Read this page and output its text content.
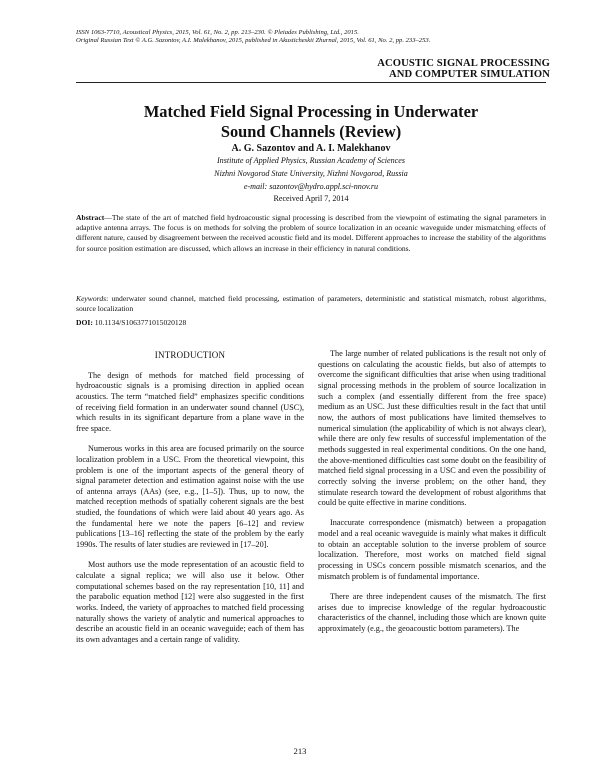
ISSN 1063-7710, Acoustical Physics, 2015, Vol. 61, No. 2, pp. 213–230. © Pleiades Publishing, Ltd., 2015.
Original Russian Text © A.G. Sazontov, A.I. Malekhanov, 2015, published in Akusticheskii Zhurnal, 2015, Vol. 61, No. 2, pp. 233–253.
ACOUSTIC SIGNAL PROCESSING
AND COMPUTER SIMULATION
Matched Field Signal Processing in Underwater
Sound Channels (Review)
A. G. Sazontov and A. I. Malekhanov
Institute of Applied Physics, Russian Academy of Sciences
Nizhni Novgorod State University, Nizhni Novgorod, Russia
e-mail: sazontov@hydro.appl.sci-nnov.ru
Received April 7, 2014
Abstract—The state of the art of matched field hydroacoustic signal processing is described from the viewpoint of estimating the signal parameters in adaptive antenna arrays. The focus is on methods for solving the problem of source localization in an oceanic waveguide under mismatching effects of different nature, caused by disagreement between the received acoustic field and its model. Different approaches to increase the stability of the algorithms for source position estimation are discussed, which allows an increase in their efficiency in natural conditions.
Keywords: underwater sound channel, matched field processing, estimation of parameters, deterministic and statistical mismatch, robust algorithms, source localization
DOI: 10.1134/S1063771015020128
INTRODUCTION

The design of methods for matched field processing of hydroacoustic signals is a promising direction in applied ocean acoustics. The term “matched field” emphasizes specific conditions of receiving field formation in an underwater sound channel (USC), which results in its significant departure from a plane wave in the free space.

Numerous works in this area are focused primarily on the source localization problem in a USC. From the theoretical viewpoint, this problem is one of the important aspects of the general theory of signal parameter detection and estimation against noise with the use of antenna arrays (AAs) (see, e.g., [1–5]). Thus, up to now, the matched reception methods of spatially coherent signals are the best studied, the foundations of which were laid about 40 years ago. As the fundamental here we note the papers [6–12] and review publications [13–16] reflecting the state of the problem by the early 1990s. The results of later studies are reviewed in [17–20].

Most authors use the mode representation of an acoustic field to calculate a signal replica; we will also use it below. Other computational schemes based on the ray representation [10, 11] and the parabolic equation method [12] were also suggested in the first works. Indeed, the variety of approaches to matched field processing naturally shows the variety of analytic and numerical approaches to describe an acoustic field in an oceanic waveguide; each of them has its own advantages and a certain range of validity.

The large number of related publications is the result not only of questions on calculating the acoustic fields, but also of attempts to overcome the significant difficulties that arise when using traditional signal processing methods in the problem of source localization in such a complex (and essentially different from the free space) medium as an USC. Just these difficulties result in the fact that until now, the authors of most publications have limited themselves to numerical simulation (the applicability of which is not always clear), while there are only few results of successful implementation of the methods suggested in real experimental conditions. On the one hand, the above-mentioned difficulties cast some doubt on the feasibility of matched field signal processing in a USC and even the possibility of correctly solving the inverse problem; on the other hand, they stimulate research toward the development of robust algorithms that could be quite effective in marine conditions.

Inaccurate correspondence (mismatch) between a propagation model and a real oceanic waveguide is mainly what makes it difficult to obtain an acceptable solution to the inverse problem of source localization. Therefore, most works on matched field signal processing in USCs concern possible mismatch scenarios, and the mismatch problem is of fundamental importance.

There are three independent causes of the mismatch. The first arises due to imprecise knowledge of the regular hydroacoustic characteristics of the channel, including those which are known quite approximately (e.g., the geoacoustic bottom parameters). The

213
